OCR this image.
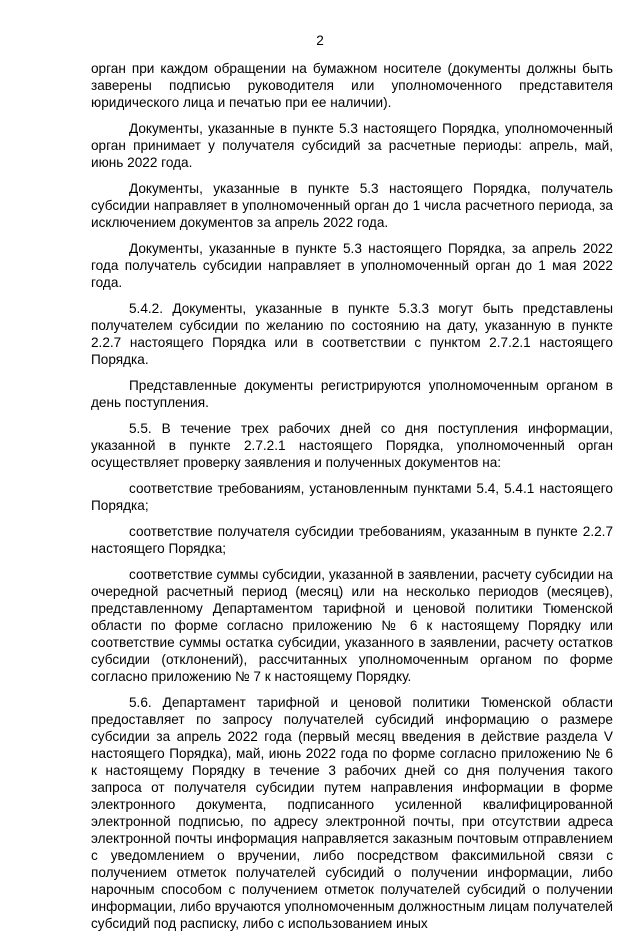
2

орган при каждом обращении на бумажном носителе (документы должны быть заверены подписью руководителя или уполномоченного представителя юридического лица и печатью при ее наличии).

Документы, указанные в пункте 5.3 настоящего Порядка, уполномоченный орган принимает у получателя субсидий за расчетные периоды: апрель, май, июнь 2022 года.

Документы, указанные в пункте 5.3 настоящего Порядка, получатель субсидии направляет в уполномоченный орган до 1 числа расчетного периода, за исключением документов за апрель 2022 года.

Документы, указанные в пункте 5.3 настоящего Порядка, за апрель 2022 года получатель субсидии направляет в уполномоченный орган до 1 мая 2022 года.

5.4.2. Документы, указанные в пункте 5.3.3 могут быть представлены получателем субсидии по желанию по состоянию на дату, указанную в пункте 2.2.7 настоящего Порядка или в соответствии с пунктом 2.7.2.1 настоящего Порядка.

Представленные документы регистрируются уполномоченным органом в день поступления.

5.5. В течение трех рабочих дней со дня поступления информации, указанной в пункте 2.7.2.1 настоящего Порядка, уполномоченный орган осуществляет проверку заявления и полученных документов на:

соответствие требованиям, установленным пунктами 5.4, 5.4.1 настоящего Порядка;

соответствие получателя субсидии требованиям, указанным в пункте 2.2.7 настоящего Порядка;

соответствие суммы субсидии, указанной в заявлении, расчету субсидии на очередной расчетный период (месяц) или на несколько периодов (месяцев), представленному Департаментом тарифной и ценовой политики Тюменской области по форме согласно приложению № 6 к настоящему Порядку или соответствие суммы остатка субсидии, указанного в заявлении, расчету остатков субсидии (отклонений), рассчитанных уполномоченным органом по форме согласно приложению № 7 к настоящему Порядку.

5.6. Департамент тарифной и ценовой политики Тюменской области предоставляет по запросу получателей субсидий информацию о размере субсидии за апрель 2022 года (первый месяц введения в действие раздела V настоящего Порядка), май, июнь 2022 года по форме согласно приложению № 6 к настоящему Порядку в течение 3 рабочих дней со дня получения такого запроса от получателя субсидии путем направления информации в форме электронного документа, подписанного усиленной квалифицированной электронной подписью, по адресу электронной почты, при отсутствии адреса электронной почты информация направляется заказным почтовым отправлением с уведомлением о вручении, либо посредством факсимильной связи с получением отметок получателей субсидий о получении информации, либо нарочным способом с получением отметок получателей субсидий о получении информации, либо вручаются уполномоченным должностным лицам получателей субсидий под расписку, либо с использованием иных
